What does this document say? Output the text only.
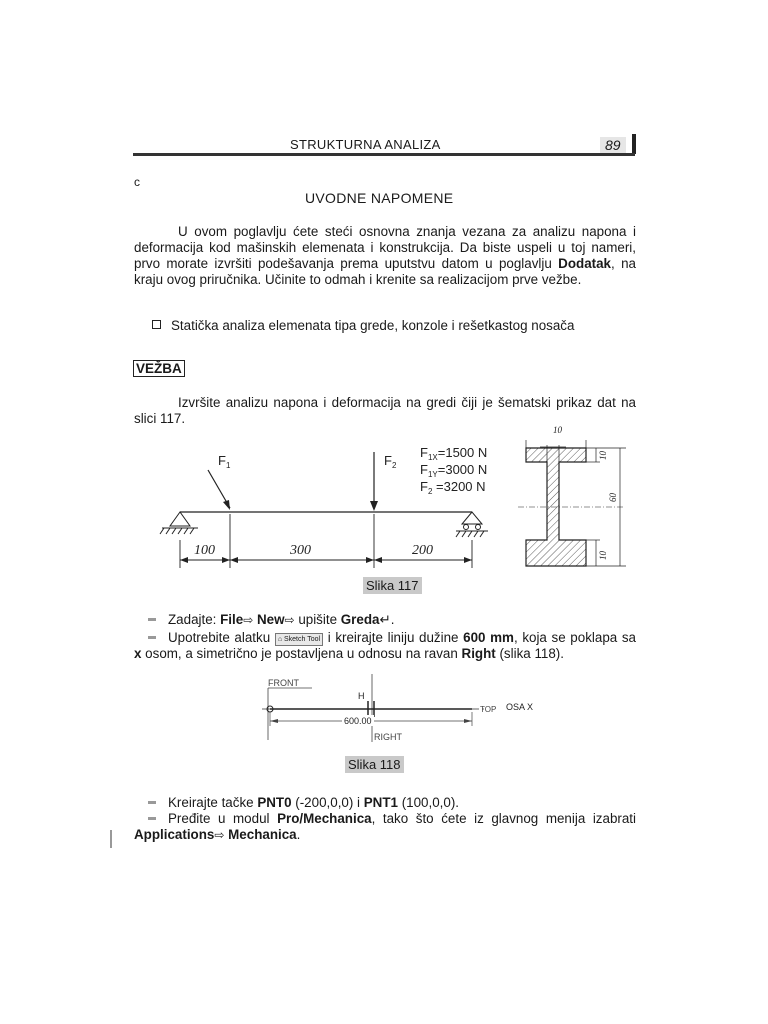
STRUKTURNA ANALIZA	89
c
UVODNE NAPOMENE
U ovom poglavlju ćete steći osnovna znanja vezana za analizu napona i deformacija kod mašinskih elemenata i konstrukcija. Da biste uspeli u toj nameri, prvo morate izvršiti podešavanja prema uputstvu datom u poglavlju Dodatak, na kraju ovog priručnika. Učinite to odmah i krenite sa realizacijom prve vežbe.
Statička analiza elemenata tipa grede, konzole i rešetkastog nosača
VEŽBA
Izvršite analizu napona i deformacija na gredi čiji je šematski prikaz dat na slici 117.
$F_1$	$F_2$
$F_{1X}=1500$ N
$F_{1Y}=3000$ N
$F_2 =3200$ N
100	300	200
10
60
10
10
Slika 117
Zadajte: File⇨ New⇨ upišite Greda↵.
Upotrebite alatku ⌂ Sketch Tool i kreirajte liniju dužine 600 mm, koja se poklapa sa x osom, a simetrično je postavljena u odnosu na ravan Right (slika 118).
FRONT
H
600.00
RIGHT
TOP OSA X
Slika 118
Kreirajte tačke PNT0 (-200,0,0) i PNT1 (100,0,0).
Pređite u modul Pro/Mechanica, tako što ćete iz glavnog menija izabrati Applications⇨ Mechanica.
